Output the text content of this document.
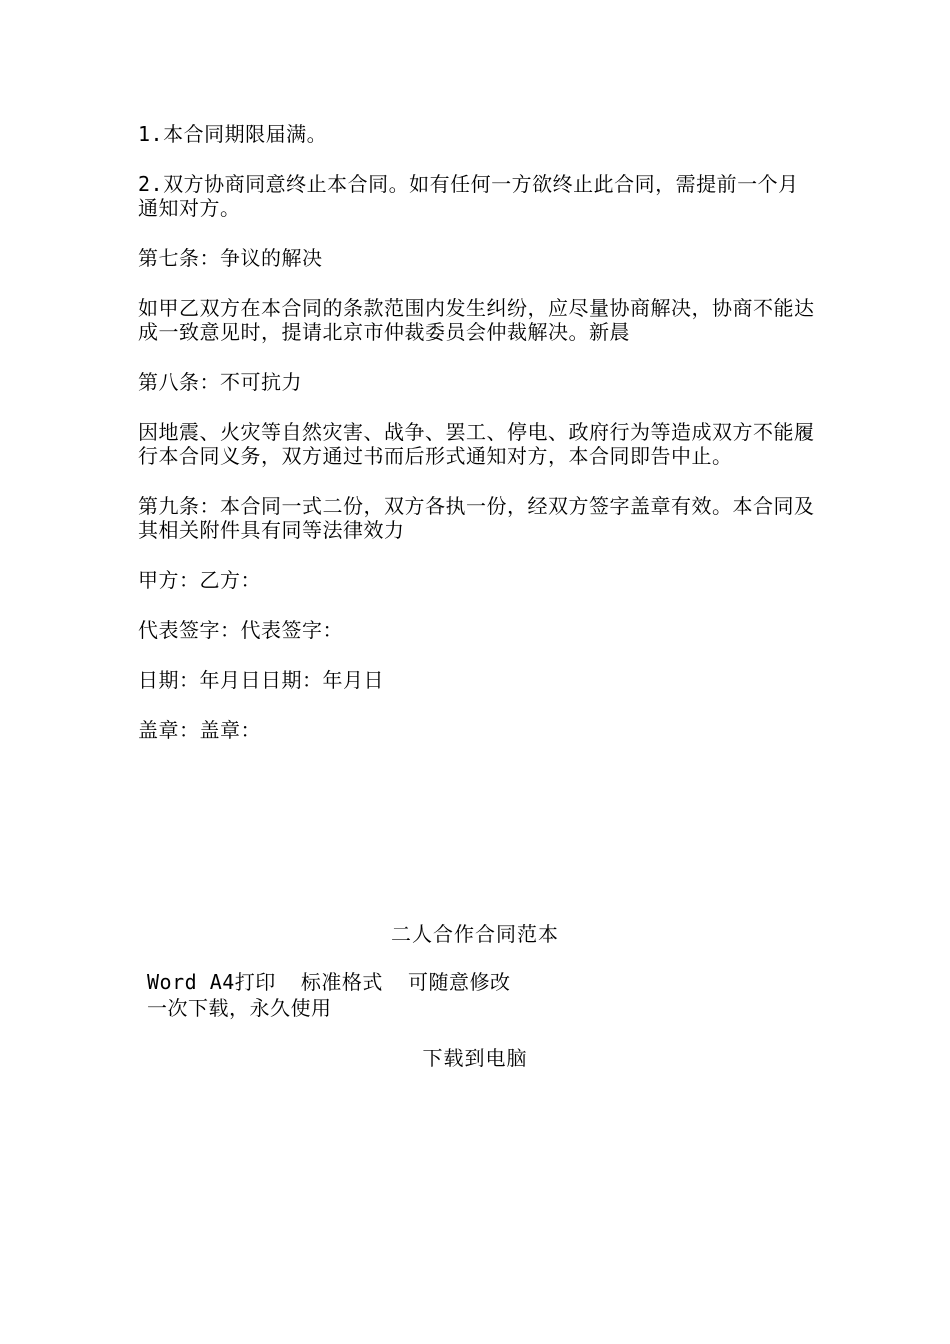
1.本合同期限届满。

2.双方协商同意终止本合同。如有任何一方欲终止此合同，需提前一个月通知对方。

第七条：争议的解决

如甲乙双方在本合同的条款范围内发生纠纷，应尽量协商解决，协商不能达成一致意见时，提请北京市仲裁委员会仲裁解决。新晨

第八条：不可抗力

因地震、火灾等自然灾害、战争、罢工、停电、政府行为等造成双方不能履行本合同义务，双方通过书而后形式通知对方，本合同即告中止。

第九条：本合同一式二份，双方各执一份，经双方签字盖章有效。本合同及其相关附件具有同等法律效力

甲方：乙方：

代表签字：代表签字：

日期：年月日日期：年月日

盖章：盖章：

二人合作合同范本
Word A4打印  标准格式  可随意修改
一次下载，永久使用
下载到电脑
